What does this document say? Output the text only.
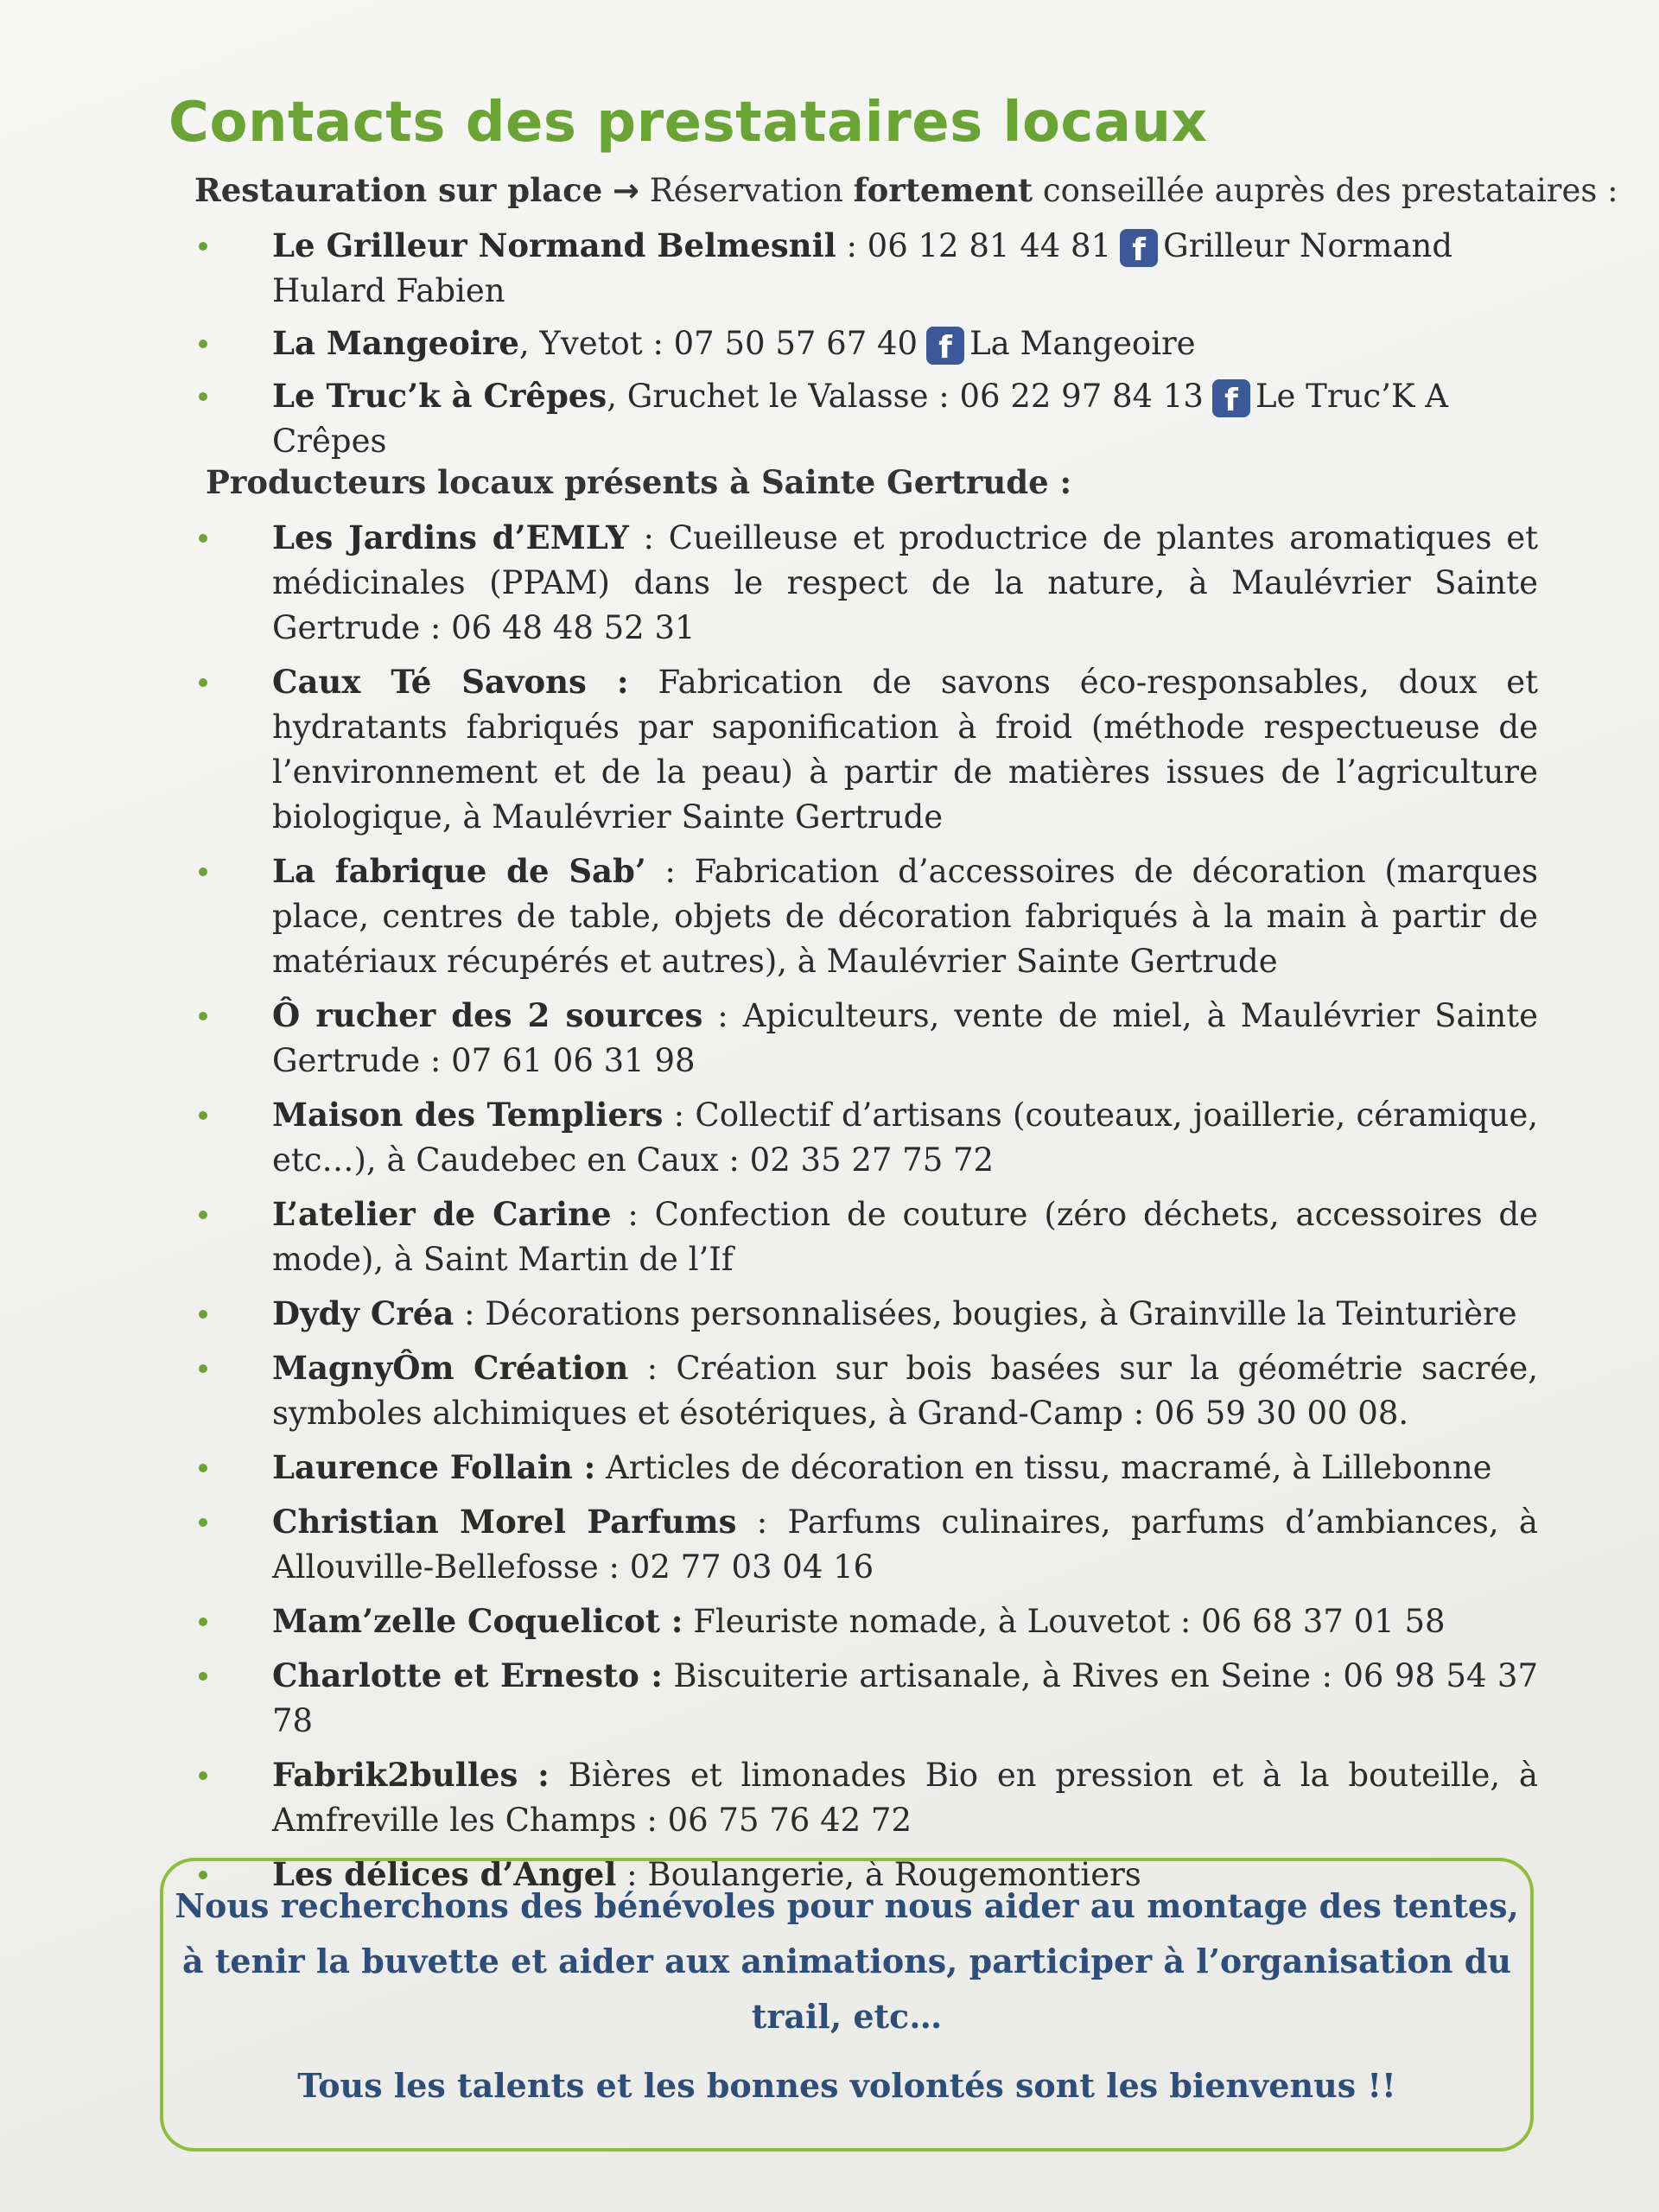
Contacts des prestataires locaux
Restauration sur place → Réservation fortement conseillée auprès des prestataires :
Le Grilleur Normand Belmesnil : 06 12 81 44 81 f Grilleur Normand Hulard Fabien
La Mangeoire, Yvetot : 07 50 57 67 40 f La Mangeoire
Le Truc’k à Crêpes, Gruchet le Valasse : 06 22 97 84 13 f Le Truc’K A Crêpes
Producteurs locaux présents à Sainte Gertrude :
Les Jardins d’EMLY : Cueilleuse et productrice de plantes aromatiques et médicinales (PPAM) dans le respect de la nature, à Maulévrier Sainte Gertrude : 06 48 48 52 31
Caux Té Savons : Fabrication de savons éco-responsables, doux et hydratants fabriqués par saponification à froid (méthode respectueuse de l’environnement et de la peau) à partir de matières issues de l’agriculture biologique, à Maulévrier Sainte Gertrude
La fabrique de Sab’ : Fabrication d’accessoires de décoration (marques place, centres de table, objets de décoration fabriqués à la main à partir de matériaux récupérés et autres), à Maulévrier Sainte Gertrude
Ô rucher des 2 sources : Apiculteurs, vente de miel, à Maulévrier Sainte Gertrude : 07 61 06 31 98
Maison des Templiers : Collectif d’artisans (couteaux, joaillerie, céramique, etc…), à Caudebec en Caux : 02 35 27 75 72
L’atelier de Carine : Confection de couture (zéro déchets, accessoires de mode), à Saint Martin de l’If
Dydy Créa : Décorations personnalisées, bougies, à Grainville la Teinturière
MagnyÔm Création : Création sur bois basées sur la géométrie sacrée, symboles alchimiques et ésotériques, à Grand-Camp : 06 59 30 00 08.
Laurence Follain : Articles de décoration en tissu, macramé, à Lillebonne
Christian Morel Parfums : Parfums culinaires, parfums d’ambiances, à Allouville-Bellefosse : 02 77 03 04 16
Mam’zelle Coquelicot : Fleuriste nomade, à Louvetot : 06 68 37 01 58
Charlotte et Ernesto : Biscuiterie artisanale, à Rives en Seine : 06 98 54 37 78
Fabrik2bulles : Bières et limonades Bio en pression et à la bouteille, à Amfreville les Champs : 06 75 76 42 72
Les délices d’Angel : Boulangerie, à Rougemontiers

Nous recherchons des bénévoles pour nous aider au montage des tentes, à tenir la buvette et aider aux animations, participer à l’organisation du trail, etc…

Tous les talents et les bonnes volontés sont les bienvenus !!
